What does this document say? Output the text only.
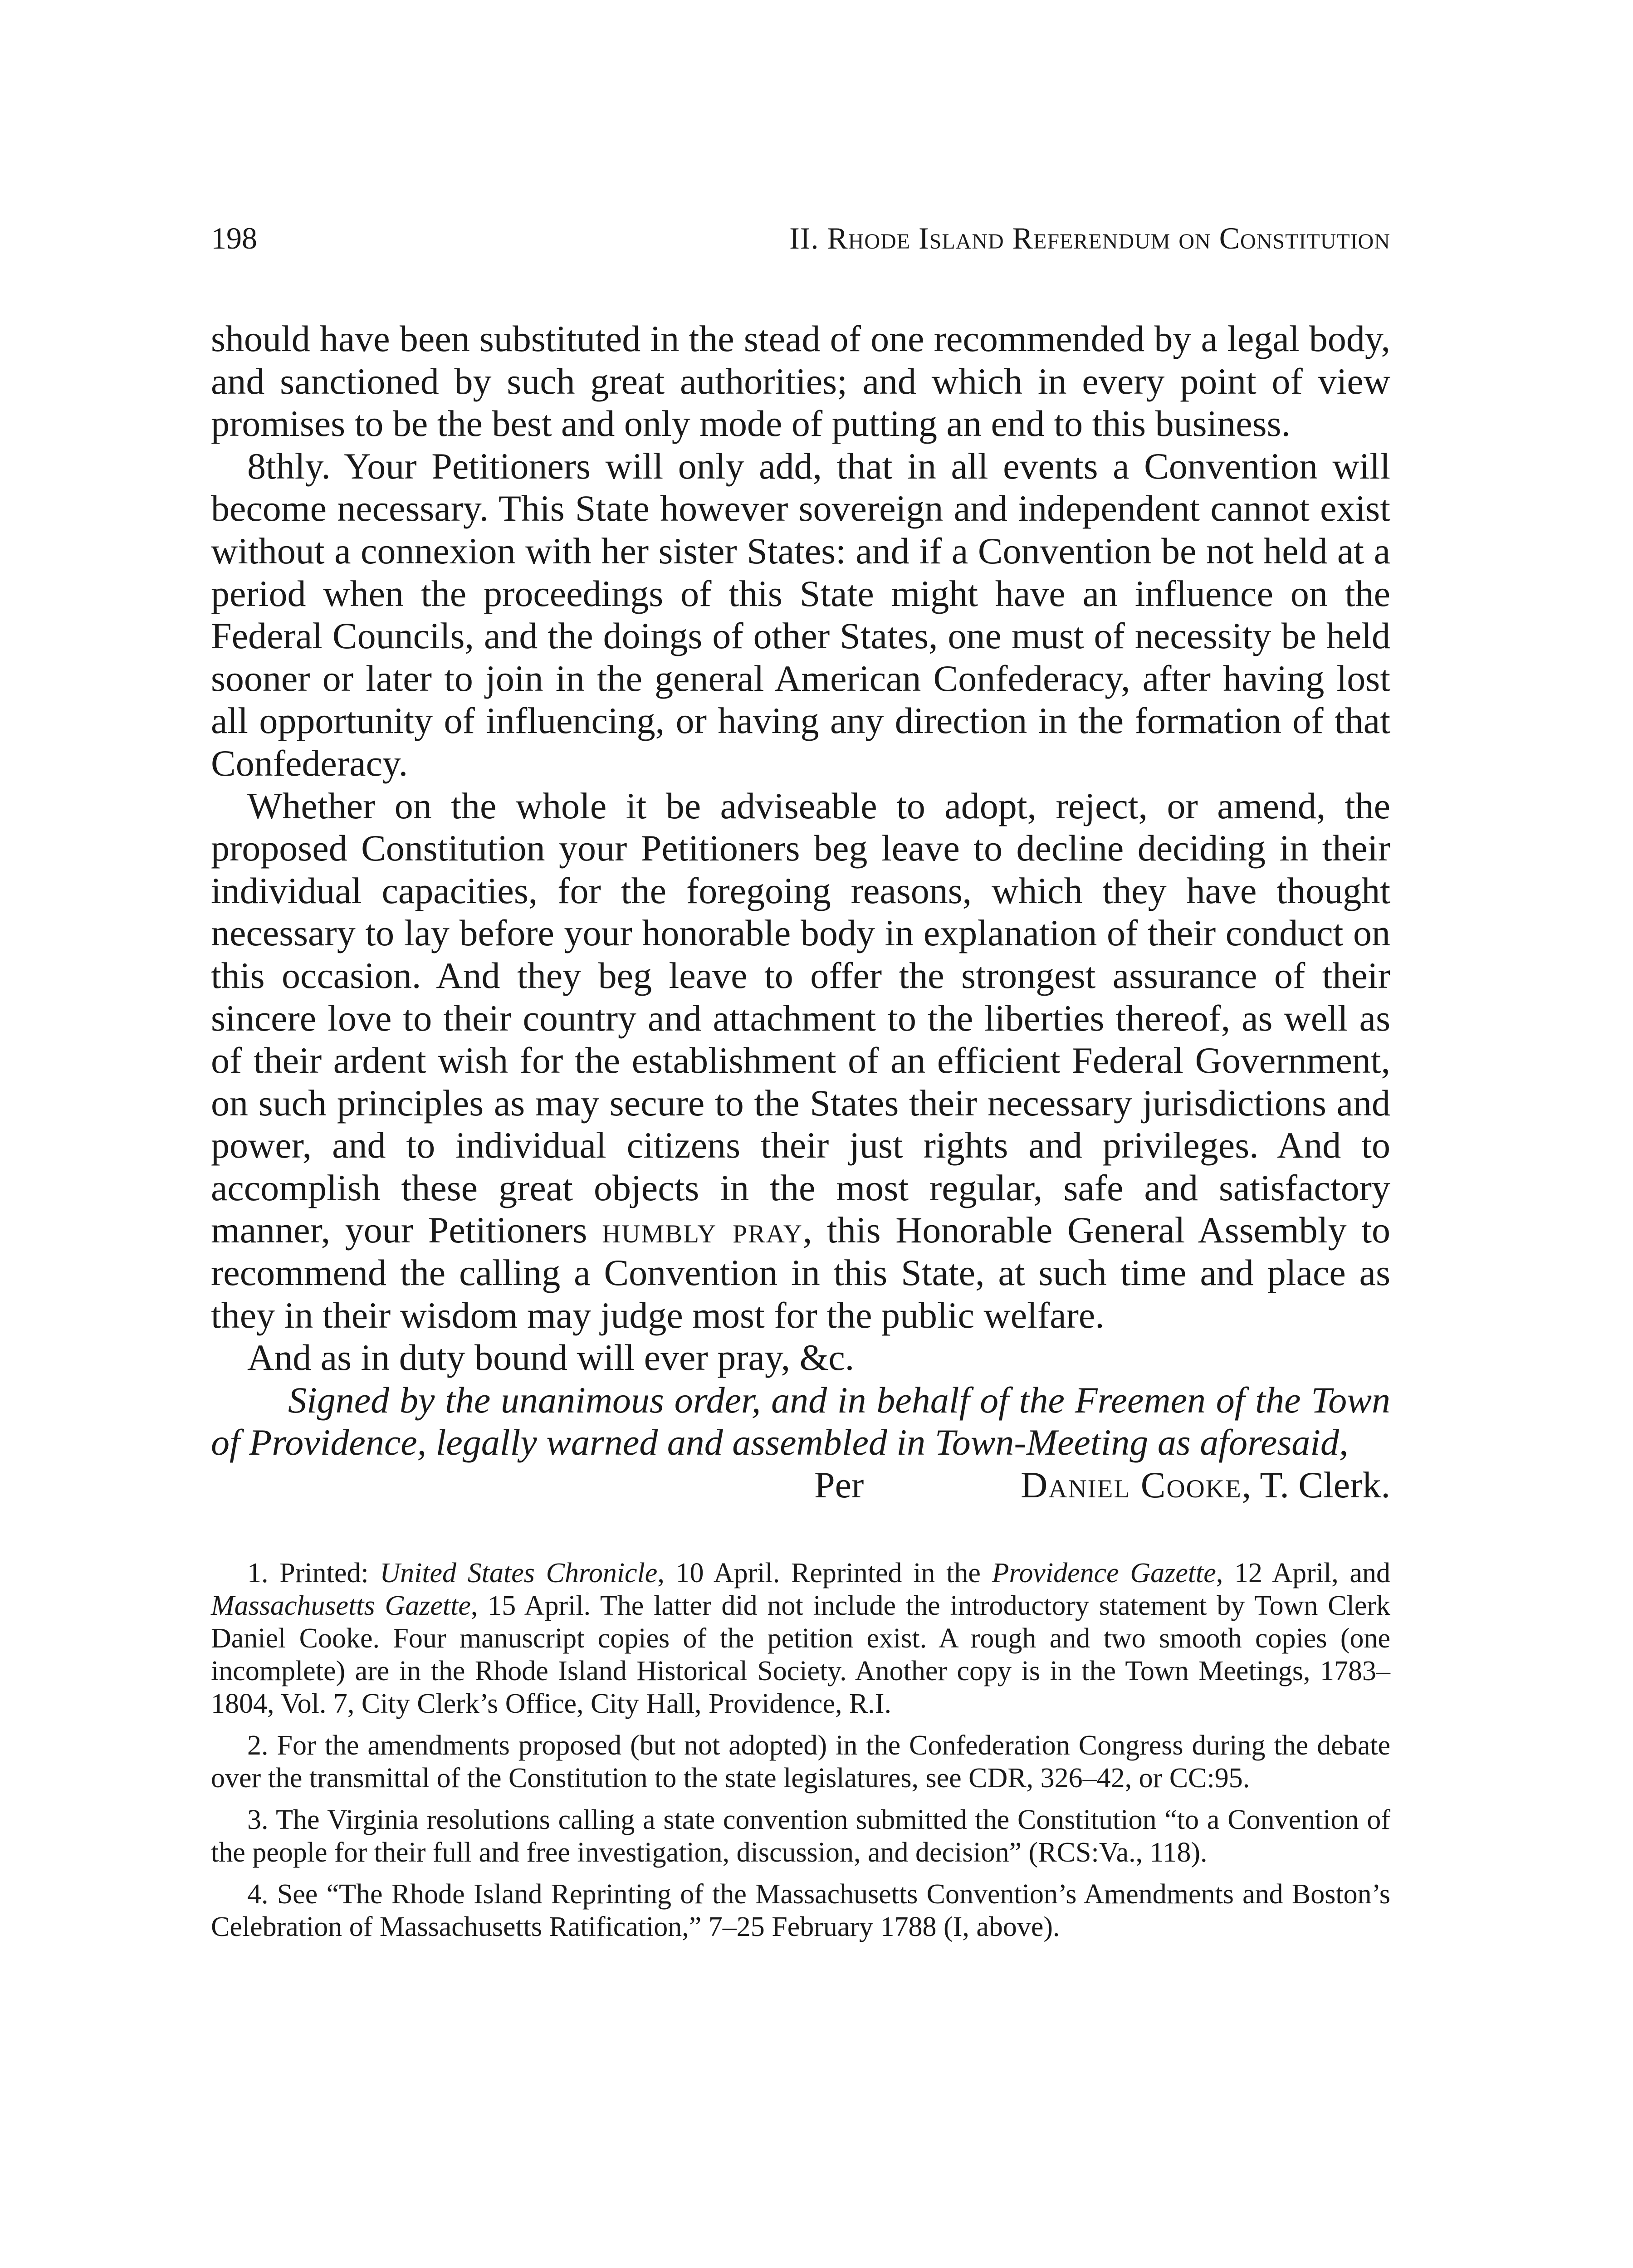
198	II. Rhode Island Referendum on Constitution

should have been substituted in the stead of one recommended by a legal body, and sanctioned by such great authorities; and which in every point of view promises to be the best and only mode of putting an end to this business.

8thly. Your Petitioners will only add, that in all events a Convention will become necessary. This State however sovereign and independent cannot exist without a connexion with her sister States: and if a Convention be not held at a period when the proceedings of this State might have an influence on the Federal Councils, and the doings of other States, one must of necessity be held sooner or later to join in the general American Confederacy, after having lost all opportunity of influencing, or having any direction in the formation of that Confederacy.

Whether on the whole it be adviseable to adopt, reject, or amend, the proposed Constitution your Petitioners beg leave to decline deciding in their individual capacities, for the foregoing reasons, which they have thought necessary to lay before your honorable body in explanation of their conduct on this occasion. And they beg leave to offer the strongest assurance of their sincere love to their country and attachment to the liberties thereof, as well as of their ardent wish for the establishment of an efficient Federal Government, on such principles as may secure to the States their necessary jurisdictions and power, and to individual citizens their just rights and privileges. And to accomplish these great objects in the most regular, safe and satisfactory manner, your Petitioners humbly pray, this Honorable General Assembly to recommend the calling a Convention in this State, at such time and place as they in their wisdom may judge most for the public welfare.

And as in duty bound will ever pray, &c.

Signed by the unanimous order, and in behalf of the Freemen of the Town of Providence, legally warned and assembled in Town-Meeting as aforesaid,

Per	Daniel Cooke, T. Clerk.

1. Printed: United States Chronicle, 10 April. Reprinted in the Providence Gazette, 12 April, and Massachusetts Gazette, 15 April. The latter did not include the introductory statement by Town Clerk Daniel Cooke. Four manuscript copies of the petition exist. A rough and two smooth copies (one incomplete) are in the Rhode Island Historical Society. Another copy is in the Town Meetings, 1783–1804, Vol. 7, City Clerk’s Office, City Hall, Providence, R.I.

2. For the amendments proposed (but not adopted) in the Confederation Congress during the debate over the transmittal of the Constitution to the state legislatures, see CDR, 326–42, or CC:95.

3. The Virginia resolutions calling a state convention submitted the Constitution “to a Convention of the people for their full and free investigation, discussion, and decision” (RCS:Va., 118).

4. See “The Rhode Island Reprinting of the Massachusetts Convention’s Amendments and Boston’s Celebration of Massachusetts Ratification,” 7–25 February 1788 (I, above).
